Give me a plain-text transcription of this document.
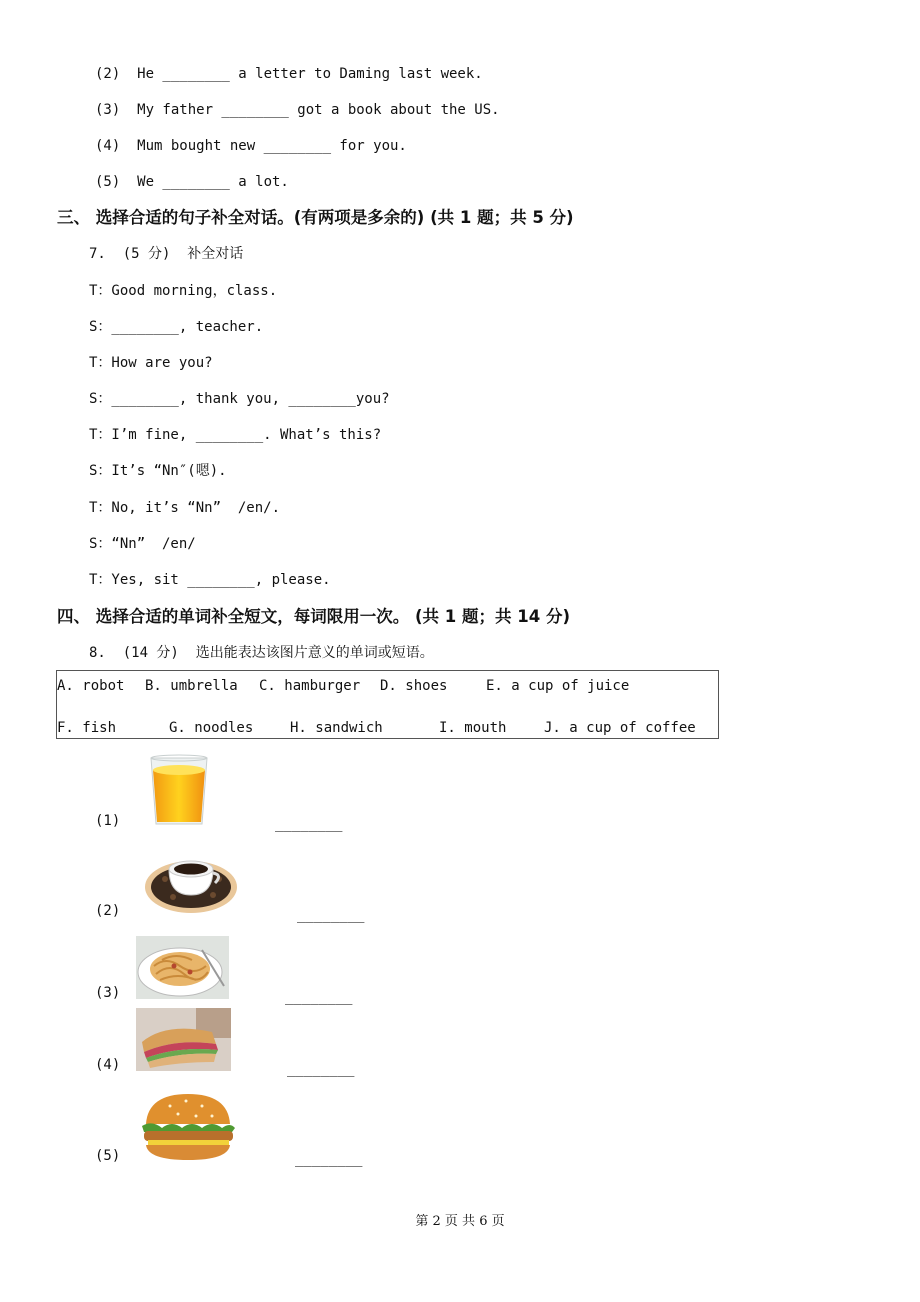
(2)  He ________ a letter to Daming last week.
(3)  My father ________ got a book about the US.
(4)  Mum bought new ________ for you.
(5)  We ________ a lot.
三、 选择合适的句子补全对话。(有两项是多余的) (共 1 题；共 5 分)
7.  (5 分)  补全对话
T：Good morning，class.
S：________, teacher.
T：How are you?
S：________, thank you, ________you?
T：I’m fine, ________. What’s this?
S：It’s “Nn″(嗯).
T：No, it’s “Nn”  /en/.
S：“Nn”  /en/
T：Yes, sit ________, please.
四、 选择合适的单词补全短文，每词限用一次。 (共 1 题；共 14 分)
8.  (14 分)  选出能表达该图片意义的单词或短语。
A. robot B. umbrella C. hamburger D. shoes	E. a cup of juice
F. fish	G. noodles	H. sandwich	I. mouth	J. a cup of coffee
(1)	________
(2)	________
(3)	________
(4)	________
(5)	________
第 2 页 共 6 页
